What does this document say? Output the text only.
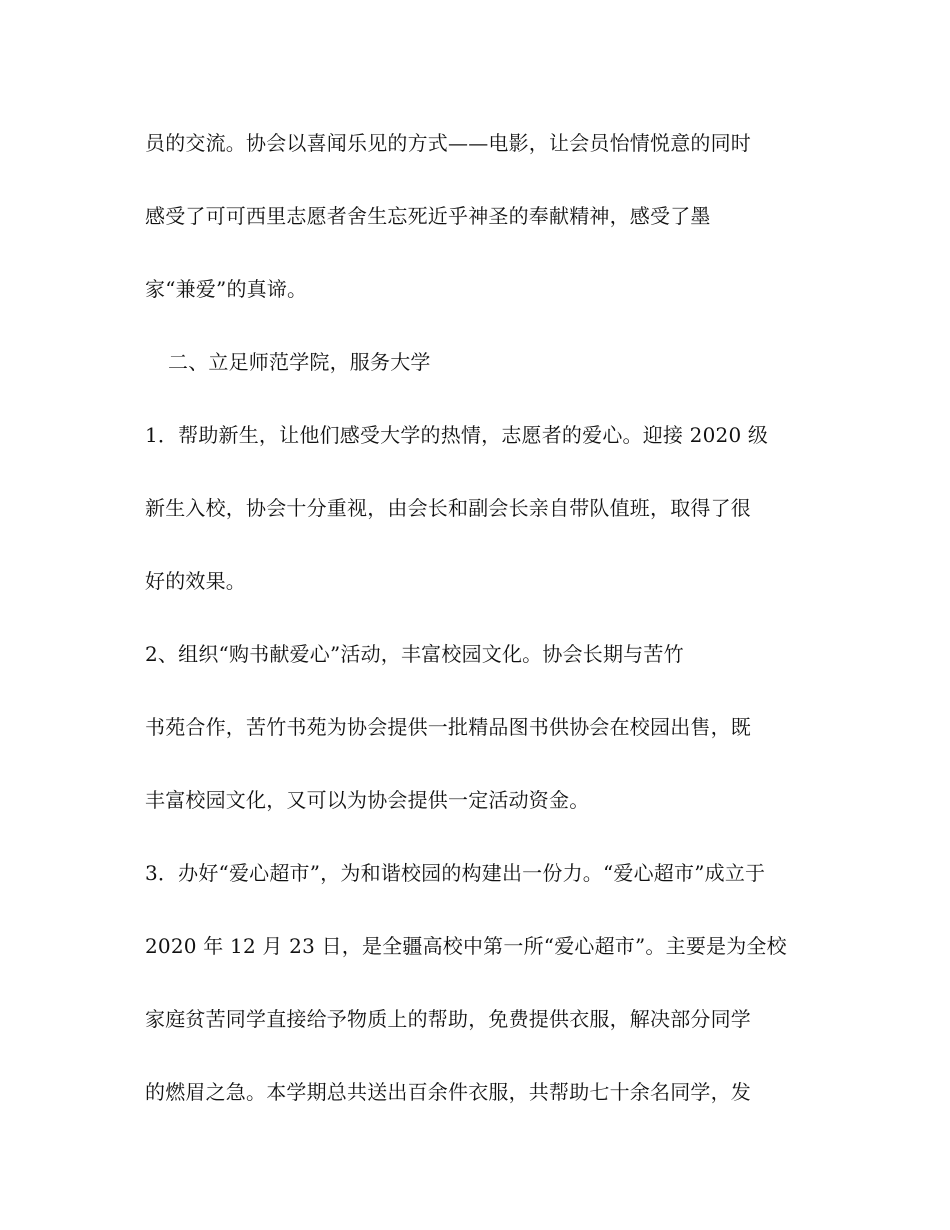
员的交流。协会以喜闻乐见的方式——电影，让会员怡情悦意的同时
感受了可可西里志愿者舍生忘死近乎神圣的奉献精神，感受了墨
家“兼爱”的真谛。
二、立足师范学院，服务大学
1．帮助新生，让他们感受大学的热情，志愿者的爱心。迎接 2020 级
新生入校，协会十分重视，由会长和副会长亲自带队值班，取得了很
好的效果。
2、组织“购书献爱心”活动，丰富校园文化。协会长期与苦竹
书苑合作，苦竹书苑为协会提供一批精品图书供协会在校园出售，既
丰富校园文化，又可以为协会提供一定活动资金。
3．办好“爱心超市”，为和谐校园的构建出一份力。“爱心超市”成立于
2020 年 12 月 23 日，是全疆高校中第一所“爱心超市”。主要是为全校
家庭贫苦同学直接给予物质上的帮助，免费提供衣服，解决部分同学
的燃眉之急。本学期总共送出百余件衣服，共帮助七十余名同学，发
